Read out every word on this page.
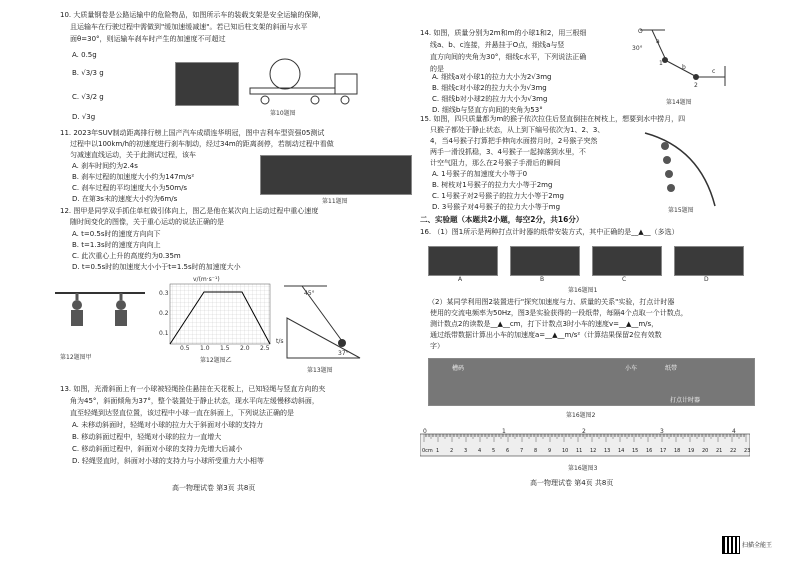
10. 大质量钢卷是公路运输中的危险物品，如图所示车的装载支架是安全运输的保障，
且运输车在行驶过程中需做到"缓加速缓减速"。若已知后柱支架的斜面与水平
面θ=30°，则运输车刹车时产生的加速度不可超过
A. 0.5g
B. √3/3 g
C. √3/2 g
D. √3g	第10题图
11. 2023年SUV制动距离排行榜上国产汽车成绩连华明冠，图中吉利车型资强05测试
过程中以100km/h的初速度进行刹车制动，经过34m的距离刹停，若制动过程中看做
匀减速直线运动，关于此测试过程，该车
A. 刹车时间约为2.4s
B. 刹车过程的加速度大小约为147m/s²
C. 刹车过程的平均速度大小为50m/s
D. 在第3s末的速度大小约为6m/s	第11题图
12. 图甲是同学双手抓住单杠做引体向上，图乙是他在某次向上运动过程中重心速度
随时间变化的图像，关于重心运动的说法正确的是
A. t=0.5s时的速度方向向下
B. t=1.3s时的速度方向向上
C. 此次重心上升的高度约为0.35m
D. t=0.5s时的加速度大小小于t=1.5s时的加速度大小
第12题图甲
v/(m·s⁻¹)
0.3
0.2
0.1
0.5 1.0 1.5 2.0 2.5
t/s
第12题图乙
45°
37°
第13题图
13. 如图，光滑斜面上有一小球被轻绳拴住悬挂在天花板上，已知轻绳与竖直方向的夹
角为45°，斜面倾角为37°，整个装置处于静止状态，现水平向左缓慢移动斜面，
直至轻绳到达竖直位置，该过程中小球一直在斜面上，下列说法正确的是
A. 未移动斜面时，轻绳对小球的拉力大于斜面对小球的支持力
B. 移动斜面过程中，轻绳对小球的拉力一直增大
C. 移动斜面过程中，斜面对小球的支持力先增大后减小
D. 轻绳竖直时，斜面对小球的支持力与小球所受重力大小相等
高一物理试卷 第3页 共8页
14. 如图，质量分别为2m和m的小球1和2，用三根细
线a、b、c连接，并悬挂于O点，细线a与竖
直方向间的夹角为30°，细线c水平，下列说法正确
的是
A. 细线a对小球1的拉力大小为2√3mg
B. 细线c对小球2的拉力大小为√3mg
C. 细线b对小球2的拉力大小为√3mg
D. 细线b与竖直方向间的夹角为53°
O
30°
a
1
b
2
c
第14题图
15. 如图，四只质量都为m的猴子依次拉住后竖直倒挂在树枝上，想要到水中捞月，四
只猴子都处于静止状态，从上到下编号依次为1、2、3、
4，当4号猴子打算把手伸向水面捞月时，2号猴子突然
两手一滑没抓稳，3、4号猴子一起掉落到水里，不
计空气阻力，那么在2号猴子手滑后的瞬间
A. 1号猴子的加速度大小等于0
B. 树枝对1号猴子的拉力大小等于2mg
C. 1号猴子对2号猴子的拉力大小等于2mg
D. 3号猴子对4号猴子的拉力大小等于mg	第15题图
二、实验题（本题共2小题，每空2分，共16分）
16. （1）图1所示是两种打点计时器的纸带安装方式，其中正确的是__▲__（多选）
A	B	C	D
第16题图1
（2）某同学利用图2装置进行"探究加速度与力、质量的关系"实验，打点计时器
使用的交流电频率为50Hz，图3是实验获得的一段纸带，每隔4个点取一个计数点，
测计数点2的读数是__▲__cm，打下计数点3时小车的速度v=__▲__m/s，
通过纸带数据计算出小车的加速度a=__▲__m/s²（计算结果保留2位有效数
字）
槽码	小车	纸带
打点计时器
第16题图2
0	1	2	3	4
0cm 1 2 3 4 5 6 7 8 9 10 11 12 13 14 15 16 17 18 19 20 21 22 23
第16题图3
高一物理试卷 第4页 共8页
扫描全能王
